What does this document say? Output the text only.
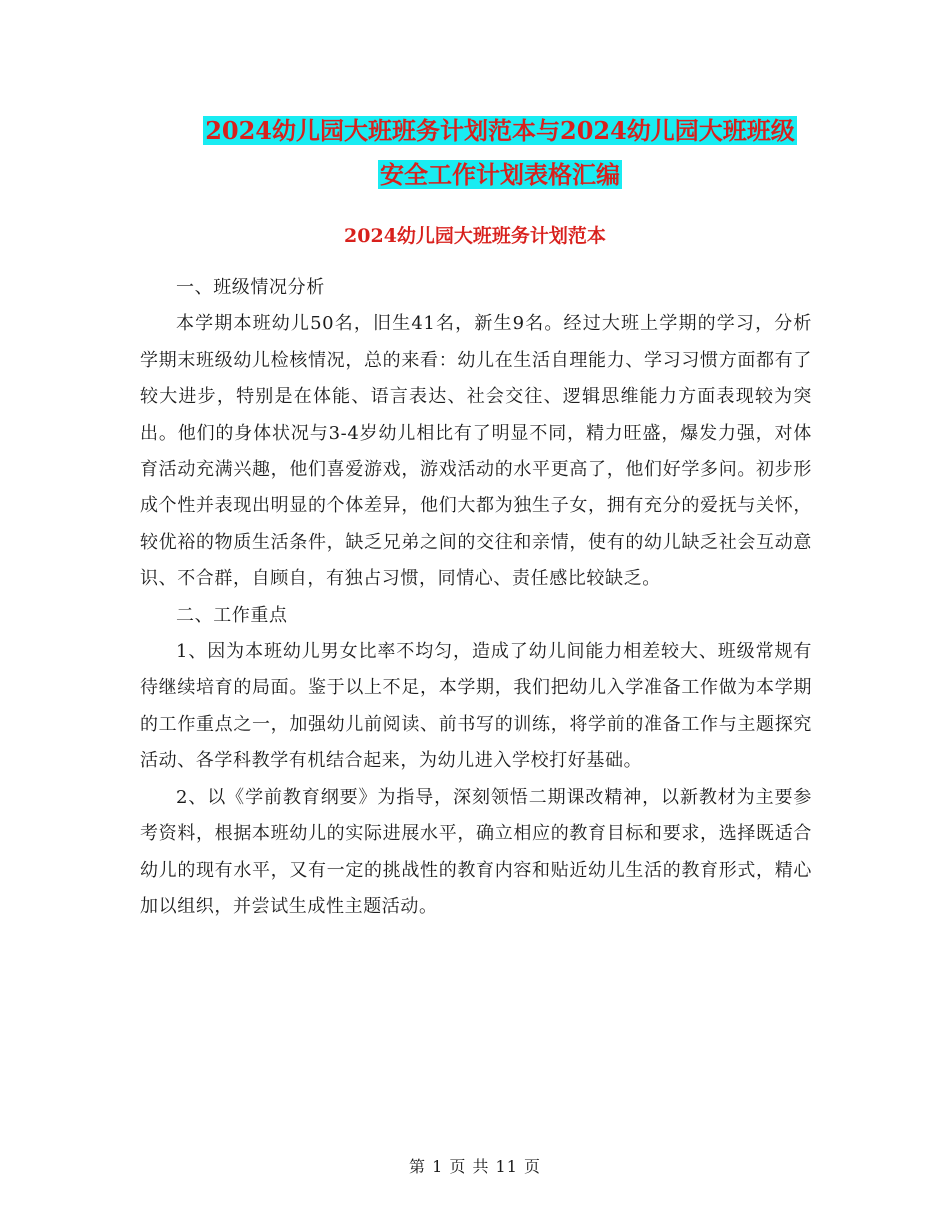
2024幼儿园大班班务计划范本与2024幼儿园大班班级
安全工作计划表格汇编
2024幼儿园大班班务计划范本

一、班级情况分析

本学期本班幼儿50名，旧生41名，新生9名。经过大班上学期的学习，分析学期末班级幼儿检核情况，总的来看：幼儿在生活自理能力、学习习惯方面都有了较大进步，特别是在体能、语言表达、社会交往、逻辑思维能力方面表现较为突出。他们的身体状况与3-4岁幼儿相比有了明显不同，精力旺盛，爆发力强，对体育活动充满兴趣，他们喜爱游戏，游戏活动的水平更高了，他们好学多问。初步形成个性并表现出明显的个体差异，他们大都为独生子女，拥有充分的爱抚与关怀，较优裕的物质生活条件，缺乏兄弟之间的交往和亲情，使有的幼儿缺乏社会互动意识、不合群，自顾自，有独占习惯，同情心、责任感比较缺乏。

二、工作重点

1、因为本班幼儿男女比率不均匀，造成了幼儿间能力相差较大、班级常规有待继续培育的局面。鉴于以上不足，本学期，我们把幼儿入学准备工作做为本学期的工作重点之一，加强幼儿前阅读、前书写的训练，将学前的准备工作与主题探究活动、各学科教学有机结合起来，为幼儿进入学校打好基础。

2、以《学前教育纲要》为指导，深刻领悟二期课改精神，以新教材为主要参考资料，根据本班幼儿的实际进展水平，确立相应的教育目标和要求，选择既适合幼儿的现有水平，又有一定的挑战性的教育内容和贴近幼儿生活的教育形式，精心加以组织，并尝试生成性主题活动。

第 1 页 共 11 页
